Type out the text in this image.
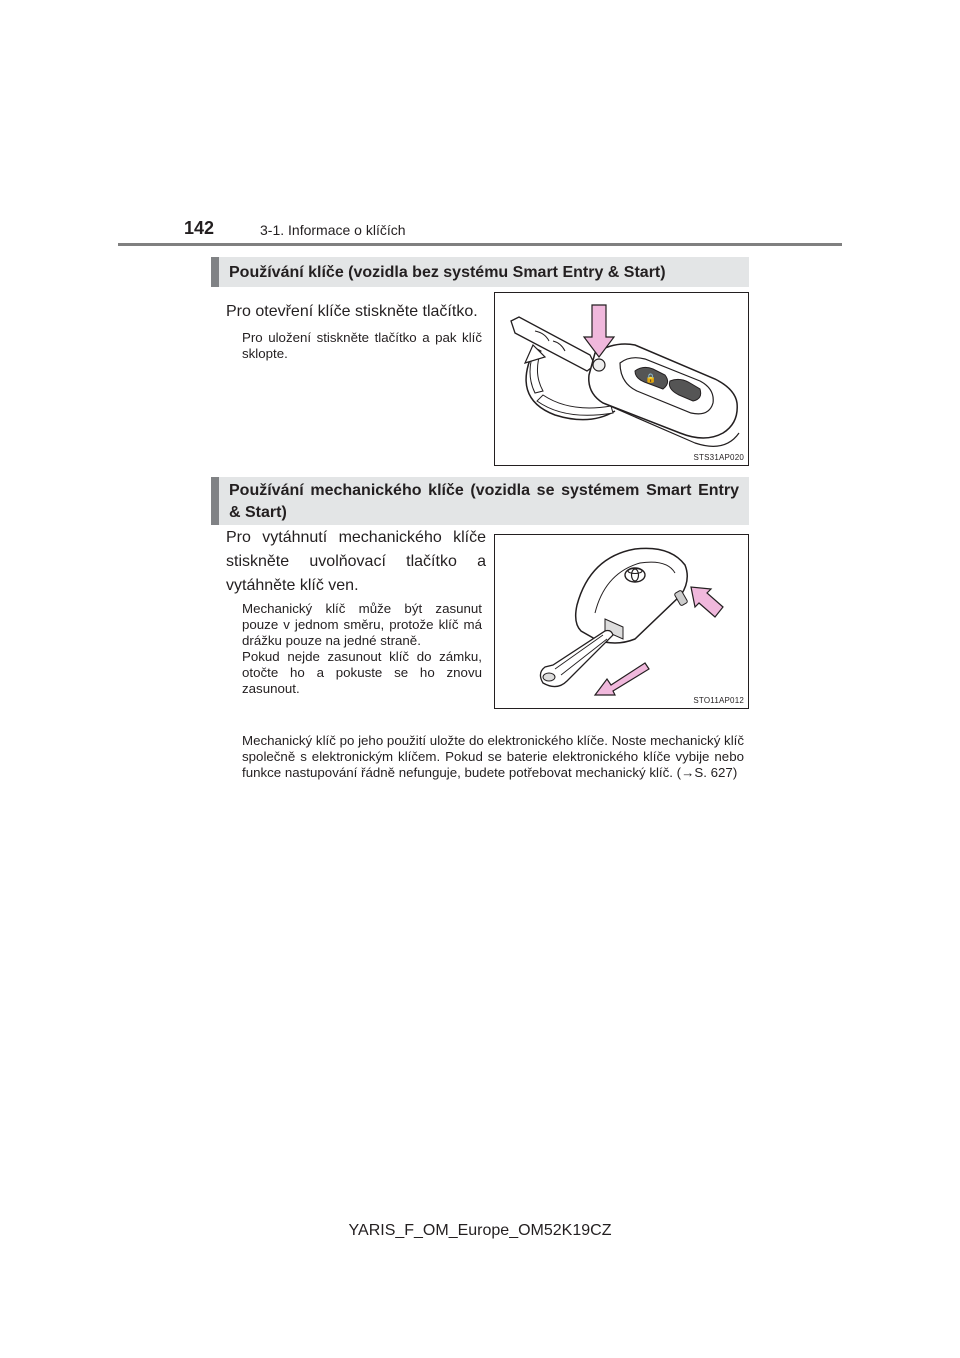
142	3-1. Informace o klíčích
Používání klíče (vozidla bez systému Smart Entry & Start)
Pro otevření klíče stiskněte tlačítko.
Pro uložení stiskněte tlačítko a pak klíč sklopte.
🔒
STS31AP020
Používání mechanického klíče (vozidla se systémem Smart Entry & Start)
Pro vytáhnutí mechanického klíče stiskněte uvolňovací tlačítko a vytáhněte klíč ven.
Mechanický klíč může být zasunut pouze v jednom směru, protože klíč má drážku pouze na jedné straně.
Pokud nejde zasunout klíč do zámku, otočte ho a pokuste se ho znovu zasunout.
STO11AP012
Mechanický klíč po jeho použití uložte do elektronického klíče. Noste mechanický klíč společně s elektronickým klíčem. Pokud se baterie elektronického klíče vybije nebo funkce nastupování řádně nefunguje, budete potřebovat mechanický klíč. (→S. 627)
YARIS_F_OM_Europe_OM52K19CZ
